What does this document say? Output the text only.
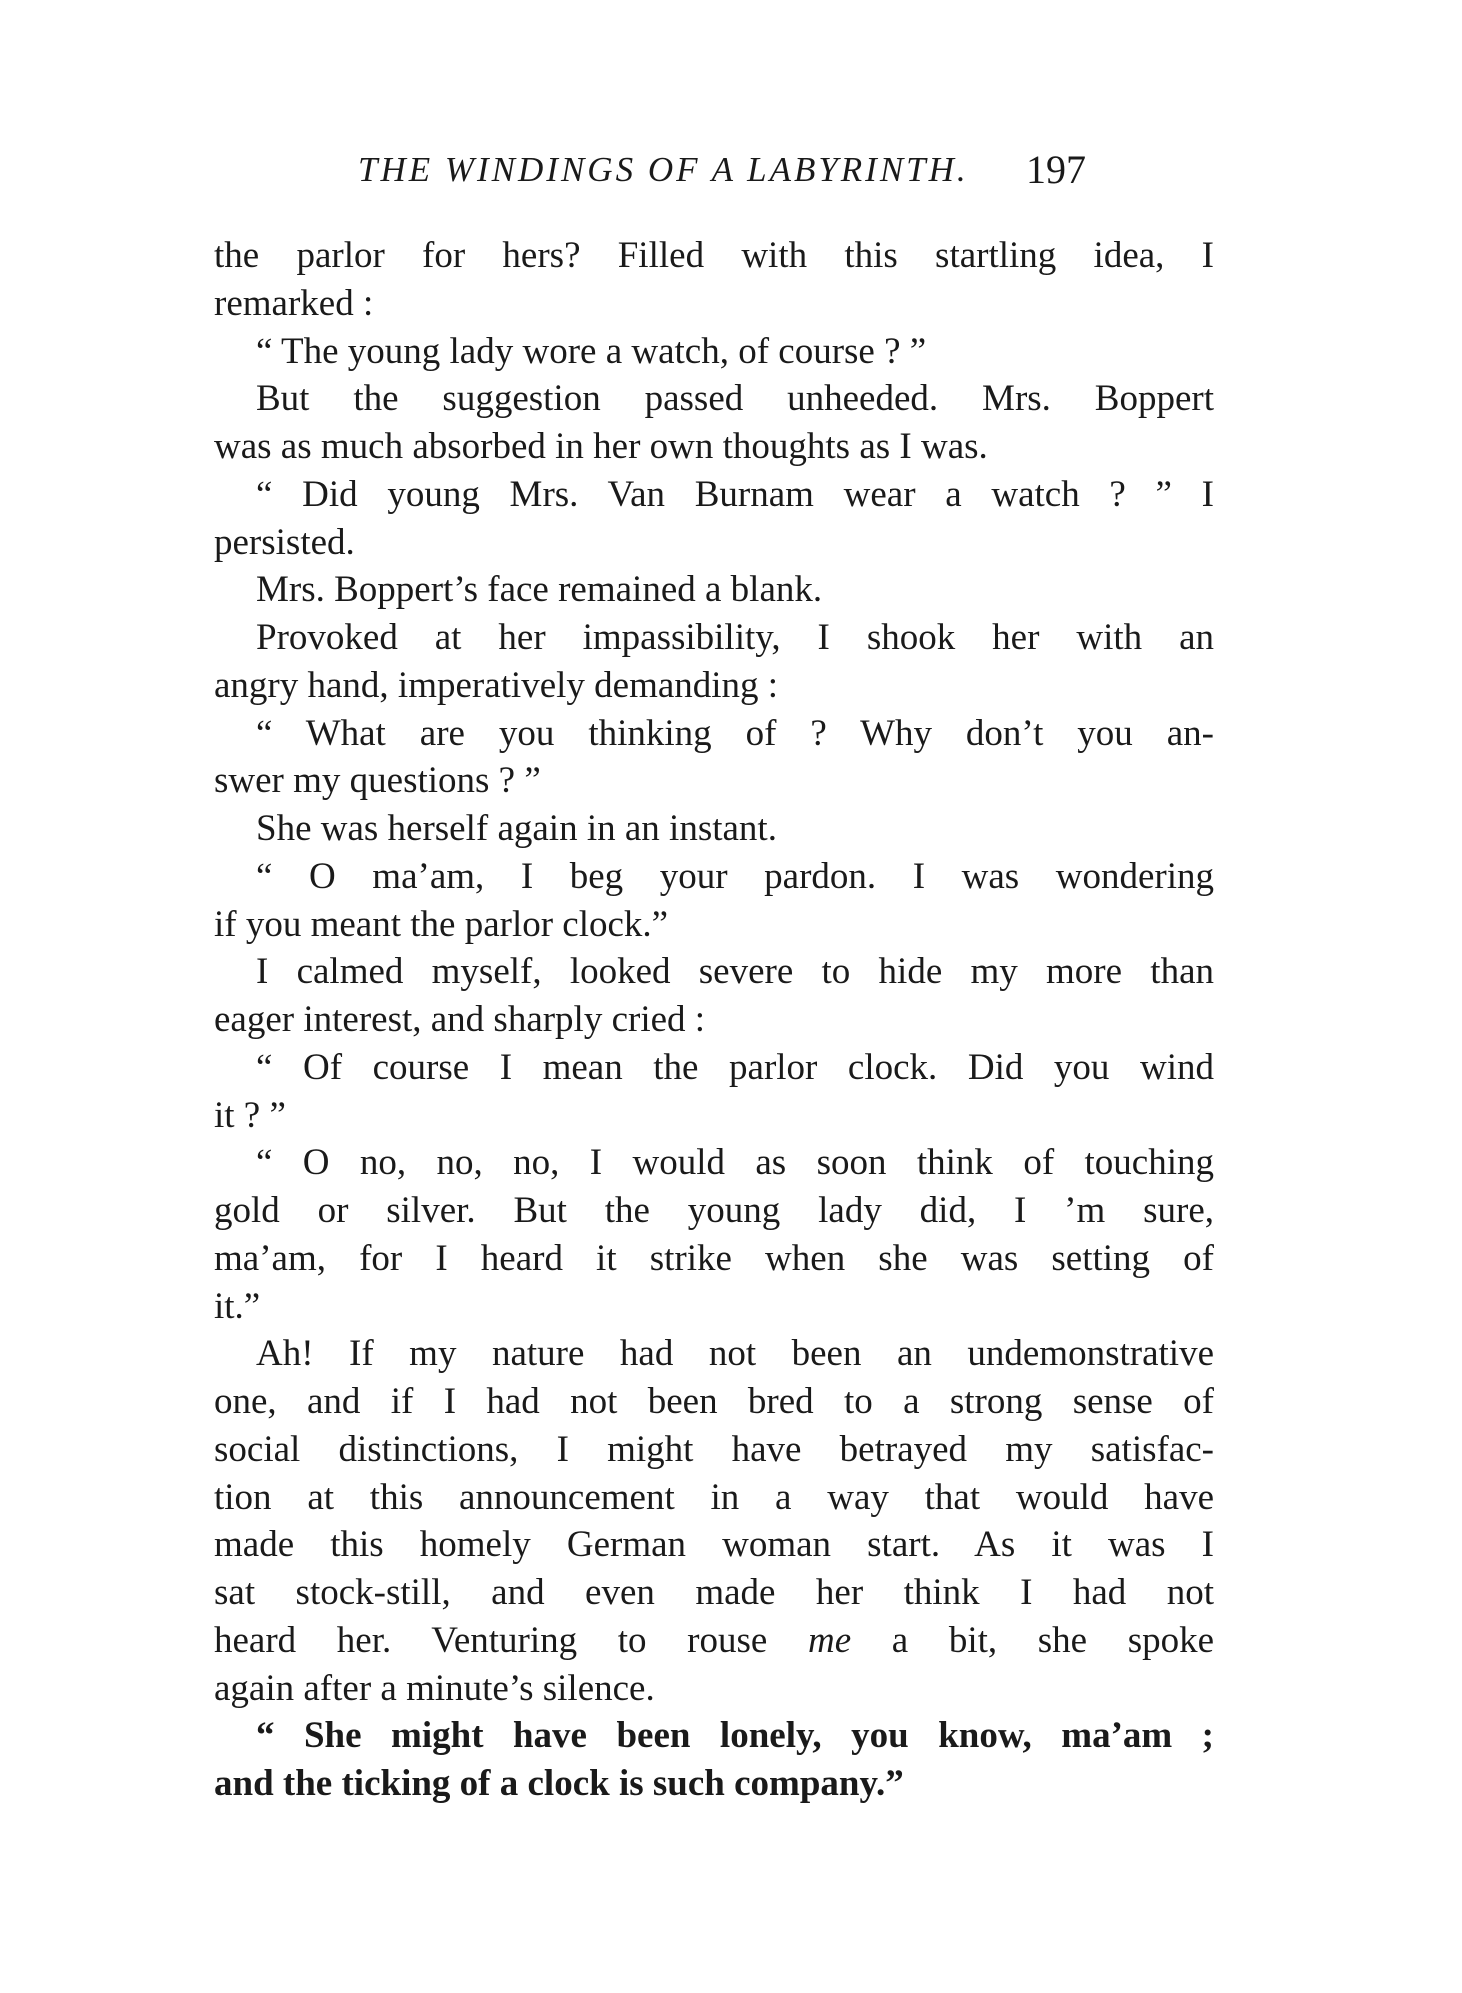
THE WINDINGS OF A LABYRINTH. 197
the parlor for hers? Filled with this startling idea, I
remarked :
“ The young lady wore a watch, of course ? ”
But the suggestion passed unheeded. Mrs. Boppert
was as much absorbed in her own thoughts as I was.
“ Did young Mrs. Van Burnam wear a watch ? ” I
persisted.
Mrs. Boppert’s face remained a blank.
Provoked at her impassibility, I shook her with an
angry hand, imperatively demanding :
“ What are you thinking of ? Why don’t you an-
swer my questions ? ”
She was herself again in an instant.
“ O ma’am, I beg your pardon. I was wondering
if you meant the parlor clock.”
I calmed myself, looked severe to hide my more than
eager interest, and sharply cried :
“ Of course I mean the parlor clock. Did you wind
it ? ”
“ O no, no, no, I would as soon think of touching
gold or silver. But the young lady did, I ’m sure,
ma’am, for I heard it strike when she was setting of
it.”
Ah! If my nature had not been an undemonstrative
one, and if I had not been bred to a strong sense of
social distinctions, I might have betrayed my satisfac-
tion at this announcement in a way that would have
made this homely German woman start. As it was I
sat stock-still, and even made her think I had not
heard her. Venturing to rouse me a bit, she spoke
again after a minute’s silence.
“ She might have been lonely, you know, ma’am ;
and the ticking of a clock is such company.”
